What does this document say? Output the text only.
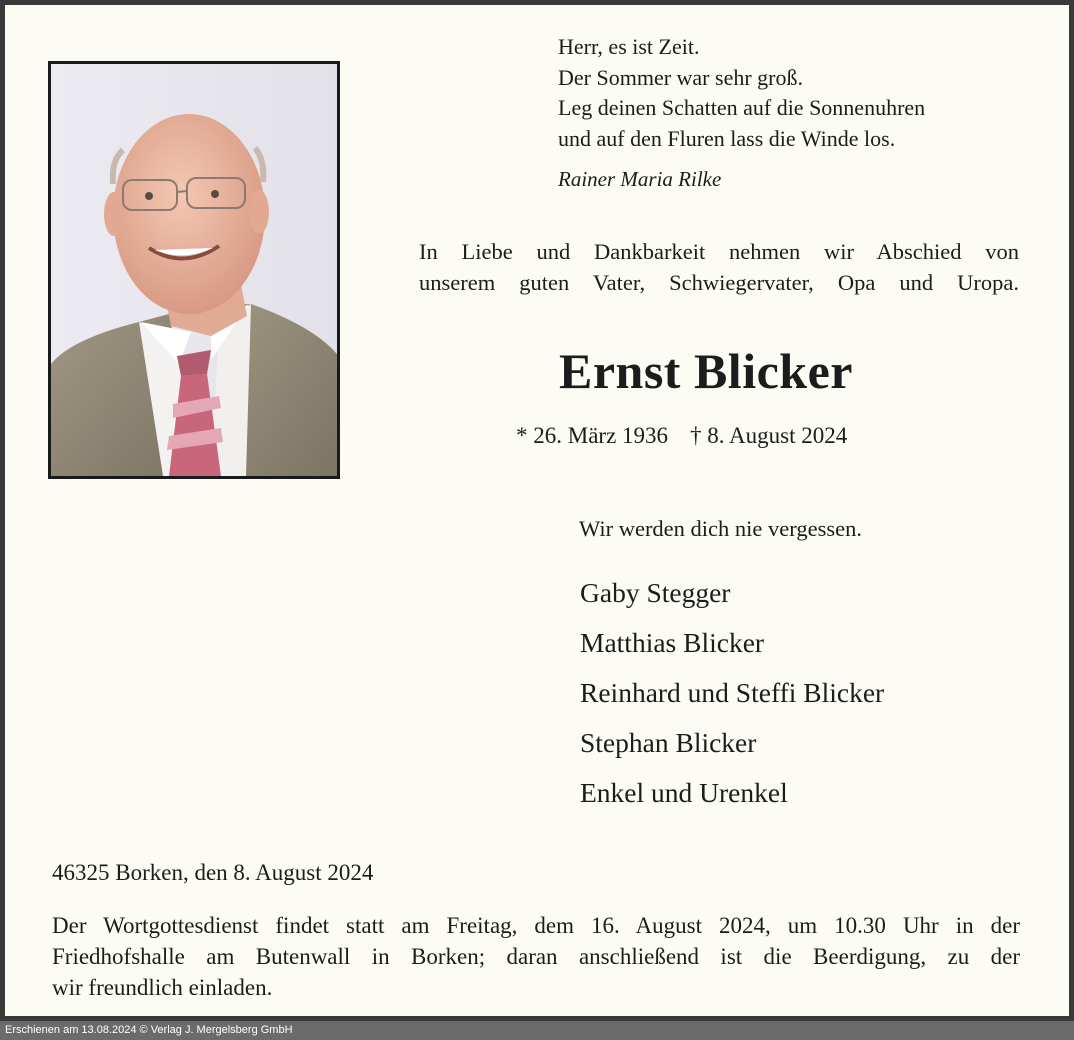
Herr, es ist Zeit.
Der Sommer war sehr groß.
Leg deinen Schatten auf die Sonnenuhren
und auf den Fluren lass die Winde los.
Rainer Maria Rilke
In Liebe und Dankbarkeit nehmen wir Abschied von
unserem guten Vater, Schwiegervater, Opa und Uropa.
Ernst Blicker
* 26. März 1936 † 8. August 2024
Wir werden dich nie vergessen.
Gaby Stegger
Matthias Blicker
Reinhard und Steffi Blicker
Stephan Blicker
Enkel und Urenkel
46325 Borken, den 8. August 2024
Der Wortgottesdienst findet statt am Freitag, dem 16. August 2024, um 10.30 Uhr in der
Friedhofshalle am Butenwall in Borken; daran anschließend ist die Beerdigung, zu der
wir freundlich einladen.
Erschienen am 13.08.2024 © Verlag J. Mergelsberg GmbH
